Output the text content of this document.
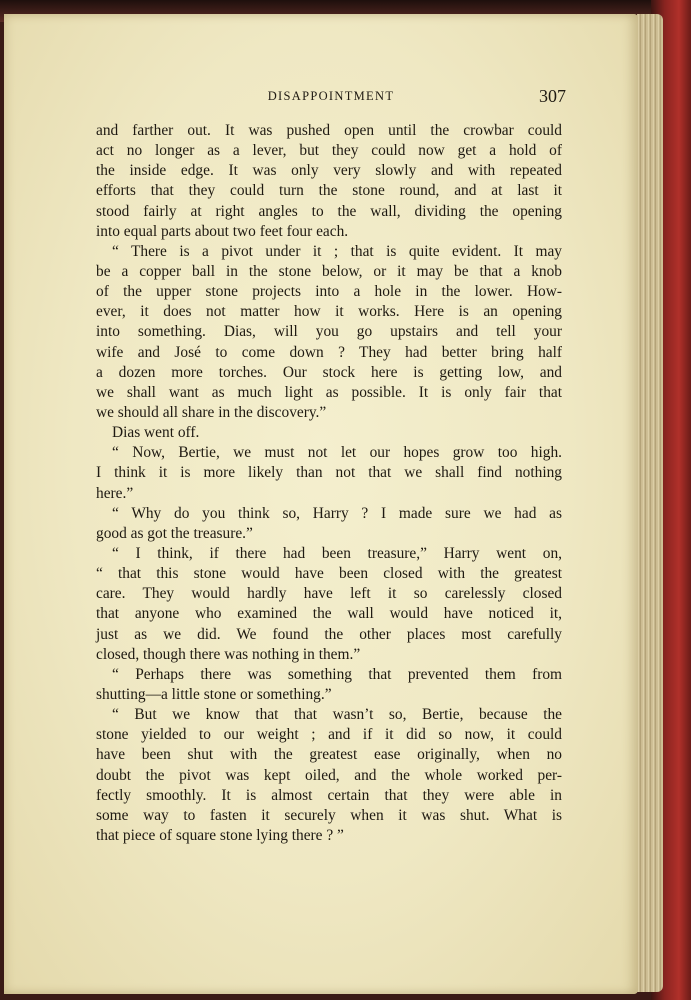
DISAPPOINTMENT	307
and farther out. It was pushed open until the crowbar could
act no longer as a lever, but they could now get a hold of
the inside edge. It was only very slowly and with repeated
efforts that they could turn the stone round, and at last it
stood fairly at right angles to the wall, dividing the opening
into equal parts about two feet four each.
“ There is a pivot under it ; that is quite evident. It may
be a copper ball in the stone below, or it may be that a knob
of the upper stone projects into a hole in the lower. How-
ever, it does not matter how it works. Here is an opening
into something. Dias, will you go upstairs and tell your
wife and José to come down ? They had better bring half
a dozen more torches. Our stock here is getting low, and
we shall want as much light as possible. It is only fair that
we should all share in the discovery.”
Dias went off.
“ Now, Bertie, we must not let our hopes grow too high.
I think it is more likely than not that we shall find nothing
here.”
“ Why do you think so, Harry ? I made sure we had as
good as got the treasure.”
“ I think, if there had been treasure,” Harry went on,
“ that this stone would have been closed with the greatest
care. They would hardly have left it so carelessly closed
that anyone who examined the wall would have noticed it,
just as we did. We found the other places most carefully
closed, though there was nothing in them.”
“ Perhaps there was something that prevented them from
shutting—a little stone or something.”
“ But we know that that wasn’t so, Bertie, because the
stone yielded to our weight ; and if it did so now, it could
have been shut with the greatest ease originally, when no
doubt the pivot was kept oiled, and the whole worked per-
fectly smoothly. It is almost certain that they were able in
some way to fasten it securely when it was shut. What is
that piece of square stone lying there ? ”
